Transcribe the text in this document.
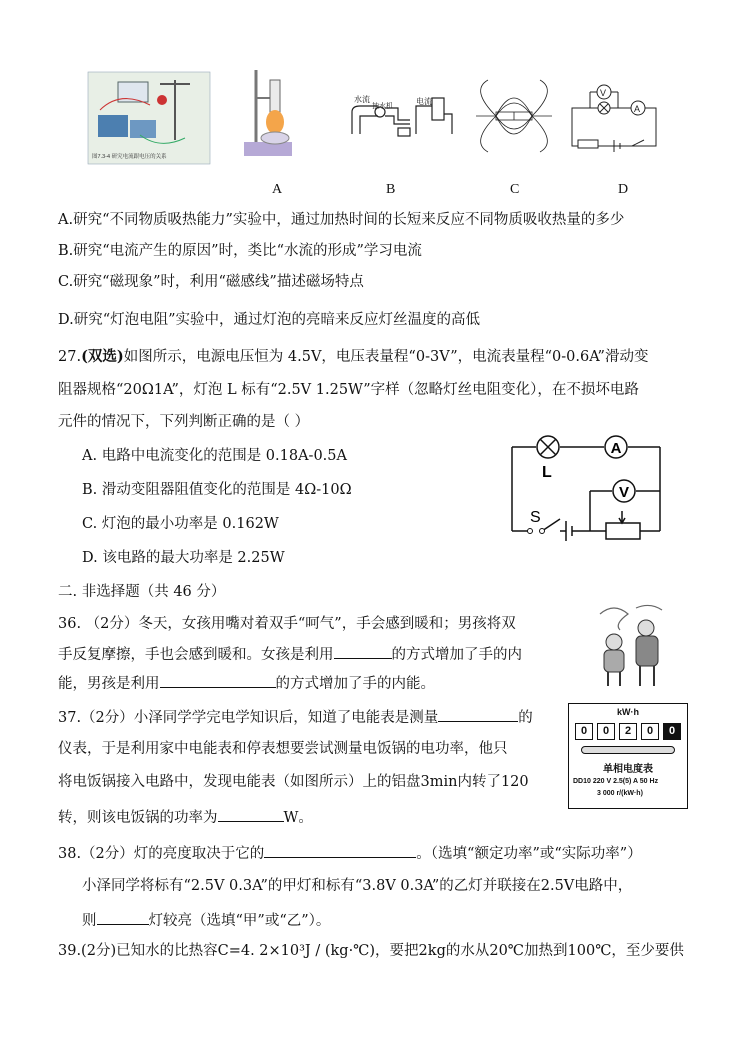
图7.3-4 研究电流跟电压的关系
水流
抽水机
电流
V
A
A	B	C	D
A.研究“不同物质吸热能力”实验中，通过加热时间的长短来反应不同物质吸收热量的多少
B.研究“电流产生的原因”时，类比“水流的形成”学习电流
C.研究“磁现象”时，利用“磁感线”描述磁场特点
D.研究“灯泡电阻”实验中，通过灯泡的亮暗来反应灯丝温度的高低
27.(双选)如图所示，电源电压恒为 4.5V，电压表量程“0-3V”，电流表量程“0-0.6A”滑动变
阻器规格“20Ω1A”，灯泡 L 标有“2.5V 1.25W”字样（忽略灯丝电阻变化），在不损坏电路
元件的情况下，下列判断正确的是（ ）
A. 电路中电流变化的范围是 0.18A-0.5A
B. 滑动变阻器阻值变化的范围是 4Ω-10Ω
C. 灯泡的最小功率是 0.162W
D. 该电路的最大功率是 2.25W
A
V
L
S
二. 非选择题（共 46 分）
36. （2分）冬天，女孩用嘴对着双手“呵气”，手会感到暖和；男孩将双
手反复摩擦，手也会感到暖和。女孩是利用	的方式增加了手的内
能，男孩是利用	的方式增加了手的内能。
37.（2分）小泽同学学完电学知识后，知道了电能表是测量	的
仪表，于是利用家中电能表和停表想要尝试测量电饭锅的电功率，他只
将电饭锅接入电路中，发现电能表（如图所示）上的铝盘3min内转了120
转，则该电饭锅的功率为	W。
kW·h
0 0 2 0 0
单相电度表
DD10 220 V 2.5(5) A 50 Hz
3 000 r/(kW·h)
38.（2分）灯的亮度取决于它的	。（选填“额定功率”或“实际功率”）
小泽同学将标有“2.5V 0.3A”的甲灯和标有“3.8V 0.3A”的乙灯并联接在2.5V电路中，
则	灯较亮（选填“甲”或“乙”）。
39.(2分)已知水的比热容C=4. 2×10³J / (kg·℃)，要把2kg的水从20℃加热到100℃，至少要供
